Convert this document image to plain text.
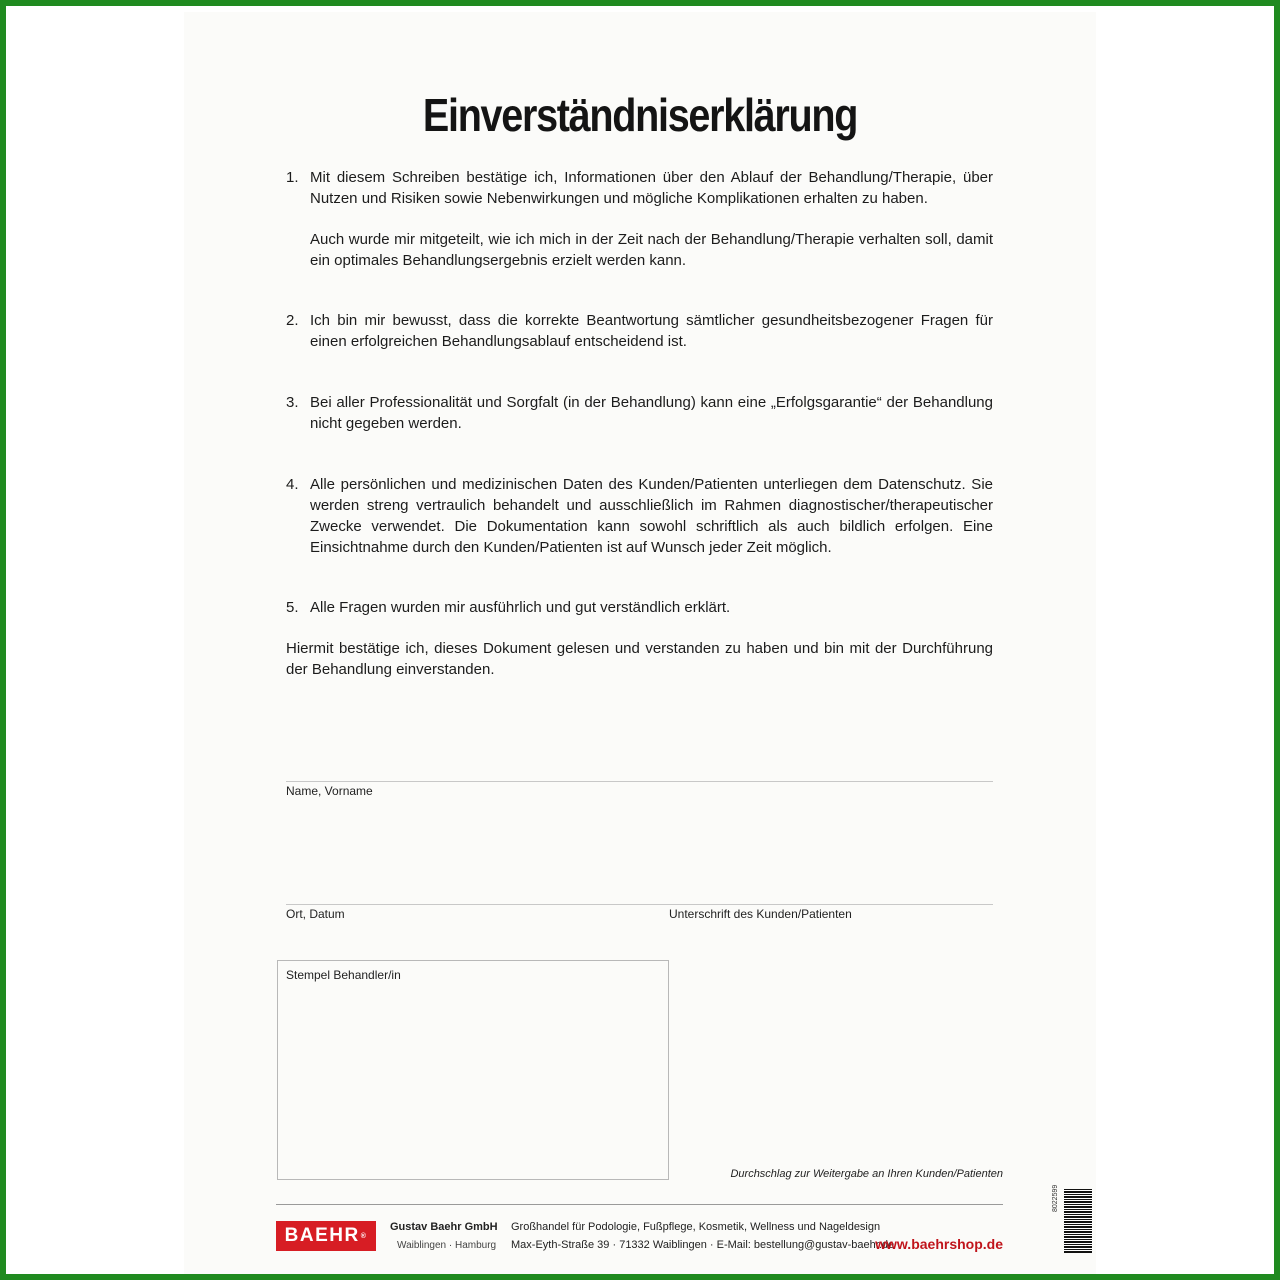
Einverständniserklärung
1. Mit diesem Schreiben bestätige ich, Informationen über den Ablauf der Behandlung/Therapie, über Nutzen und Risiken sowie Nebenwirkungen und mögliche Komplikationen erhalten zu haben.
Auch wurde mir mitgeteilt, wie ich mich in der Zeit nach der Behandlung/Therapie verhalten soll, damit ein optimales Behandlungsergebnis erzielt werden kann.
2. Ich bin mir bewusst, dass die korrekte Beantwortung sämtlicher gesundheitsbezogener Fragen für einen erfolgreichen Behandlungsablauf entscheidend ist.
3. Bei aller Professionalität und Sorgfalt (in der Behandlung) kann eine „Erfolgsgarantie“ der Behandlung nicht gegeben werden.
4. Alle persönlichen und medizinischen Daten des Kunden/Patienten unterliegen dem Datenschutz. Sie werden streng vertraulich behandelt und ausschließlich im Rahmen diagnostischer/therapeutischer Zwecke verwendet. Die Dokumentation kann sowohl schriftlich als auch bildlich erfolgen. Eine Einsichtnahme durch den Kunden/Patienten ist auf Wunsch jeder Zeit möglich.
5. Alle Fragen wurden mir ausführlich und gut verständlich erklärt.
Hiermit bestätige ich, dieses Dokument gelesen und verstanden zu haben und bin mit der Durchführung der Behandlung einverstanden.
Name, Vorname
Ort, Datum	Unterschrift des Kunden/Patienten
Stempel Behandler/in
Durchschlag zur Weitergabe an Ihren Kunden/Patienten
BAEHR ®
Gustav Baehr GmbH
Waiblingen · Hamburg
Großhandel für Podologie, Fußpflege, Kosmetik, Wellness und Nageldesign
Max-Eyth-Straße 39 · 71332 Waiblingen · E-Mail: bestellung@gustav-baehr.de
www.baehrshop.de
8022599
